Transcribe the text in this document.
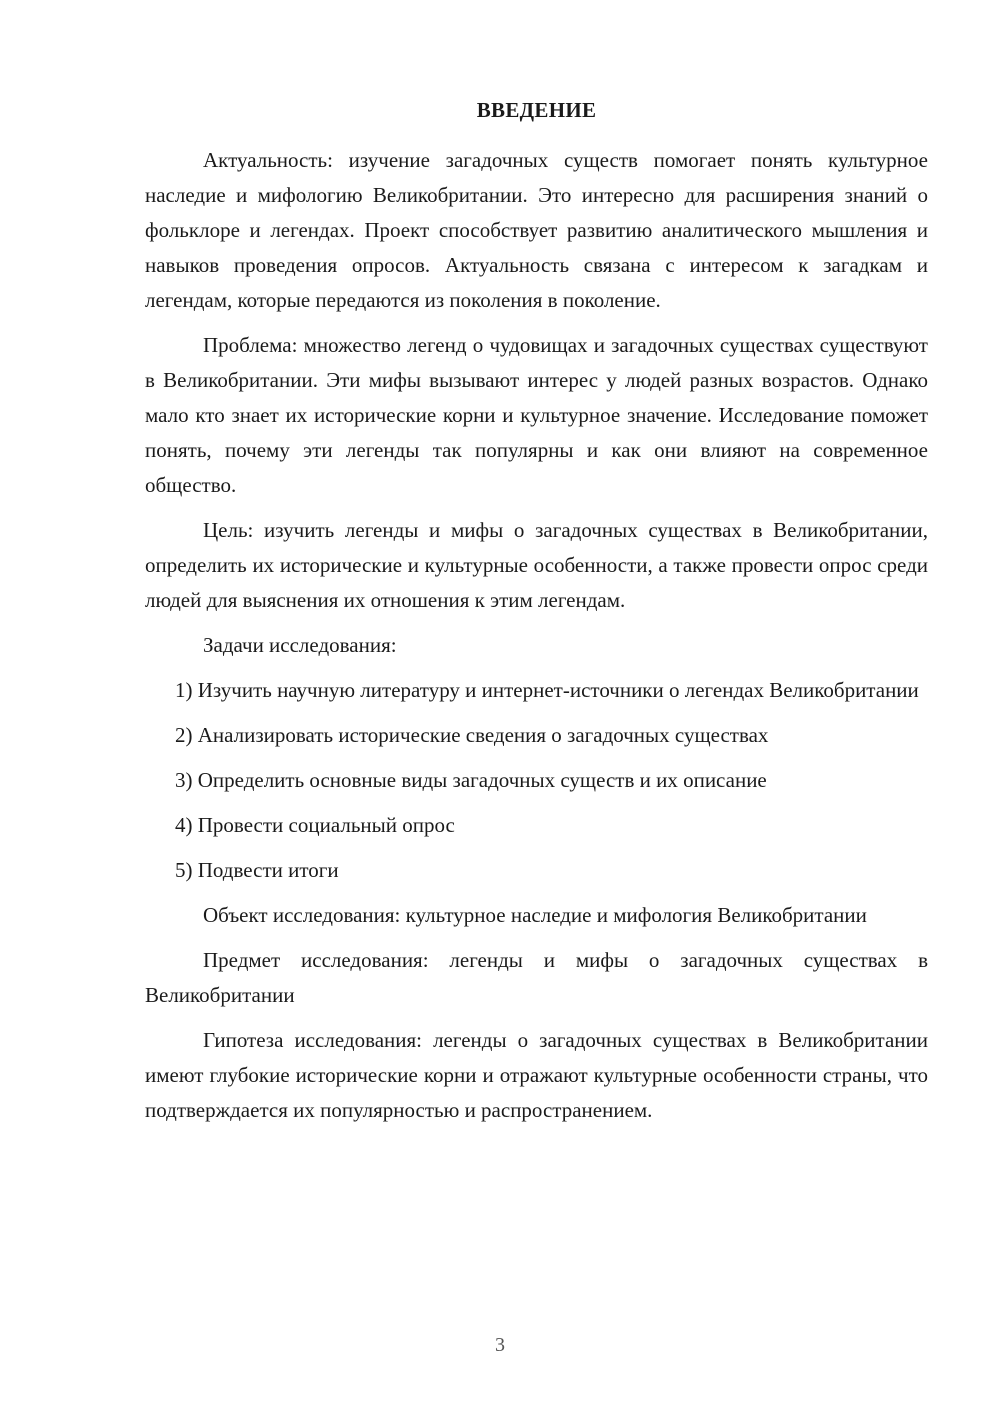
ВВЕДЕНИЕ

Актуальность: изучение загадочных существ помогает понять культурное наследие и мифологию Великобритании. Это интересно для расширения знаний о фольклоре и легендах. Проект способствует развитию аналитического мышления и навыков проведения опросов. Актуальность связана с интересом к загадкам и легендам, которые передаются из поколения в поколение.

Проблема: множество легенд о чудовищах и загадочных существах существуют в Великобритании. Эти мифы вызывают интерес у людей разных возрастов. Однако мало кто знает их исторические корни и культурное значение. Исследование поможет понять, почему эти легенды так популярны и как они влияют на современное общество.

Цель: изучить легенды и мифы о загадочных существах в Великобритании, определить их исторические и культурные особенности, а также провести опрос среди людей для выяснения их отношения к этим легендам.

Задачи исследования:

1) Изучить научную литературу и интернет-источники о легендах Великобритании

2) Анализировать исторические сведения о загадочных существах

3) Определить основные виды загадочных существ и их описание

4) Провести социальный опрос

5) Подвести итоги

Объект исследования: культурное наследие и мифология Великобритании

Предмет исследования: легенды и мифы о загадочных существах в Великобритании

Гипотеза исследования: легенды о загадочных существах в Великобритании имеют глубокие исторические корни и отражают культурные особенности страны, что подтверждается их популярностью и распространением.

3
